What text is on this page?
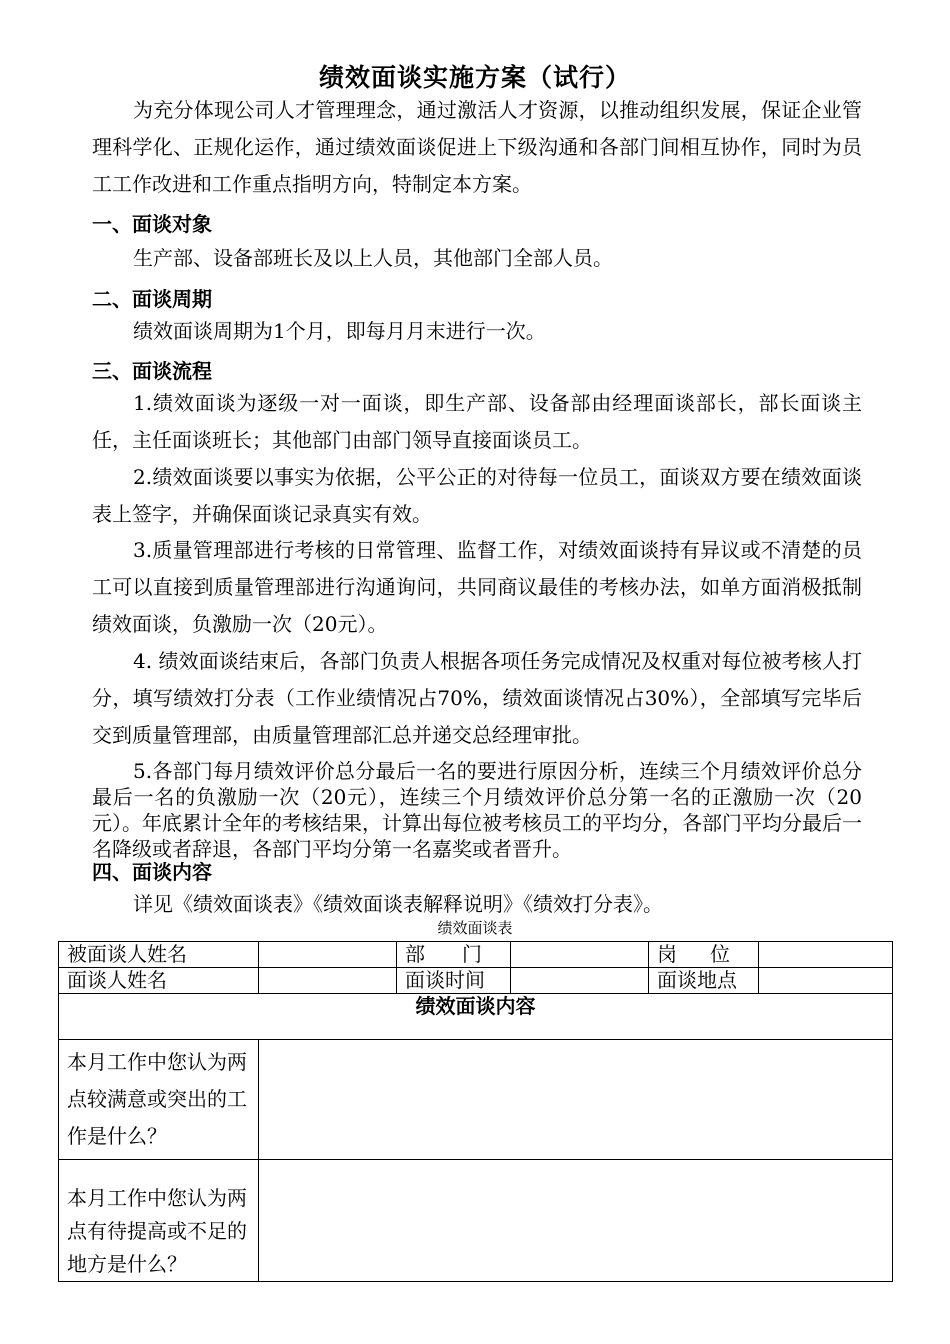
绩效面谈实施方案（试行）

为充分体现公司人才管理理念，通过激活人才资源，以推动组织发展，保证企业管理科学化、正规化运作，通过绩效面谈促进上下级沟通和各部门间相互协作，同时为员工工作改进和工作重点指明方向，特制定本方案。

一、面谈对象

生产部、设备部班长及以上人员，其他部门全部人员。

二、面谈周期

绩效面谈周期为1个月，即每月月末进行一次。

三、面谈流程

1.绩效面谈为逐级一对一面谈，即生产部、设备部由经理面谈部长，部长面谈主任，主任面谈班长；其他部门由部门领导直接面谈员工。

2.绩效面谈要以事实为依据，公平公正的对待每一位员工，面谈双方要在绩效面谈表上签字，并确保面谈记录真实有效。

3.质量管理部进行考核的日常管理、监督工作，对绩效面谈持有异议或不清楚的员工可以直接到质量管理部进行沟通询问，共同商议最佳的考核办法，如单方面消极抵制绩效面谈，负激励一次（20元）。

4. 绩效面谈结束后，各部门负责人根据各项任务完成情况及权重对每位被考核人打分，填写绩效打分表（工作业绩情况占70%，绩效面谈情况占30%），全部填写完毕后交到质量管理部，由质量管理部汇总并递交总经理审批。

5.各部门每月绩效评价总分最后一名的要进行原因分析，连续三个月绩效评价总分最后一名的负激励一次（20元），连续三个月绩效评价总分第一名的正激励一次（20元）。年底累计全年的考核结果，计算出每位被考核员工的平均分，各部门平均分最后一名降级或者辞退，各部门平均分第一名嘉奖或者晋升。

四、面谈内容

详见《绩效面谈表》《绩效面谈表解释说明》《绩效打分表》。

绩效面谈表
被面谈人姓名		部 门		岗 位	

面谈人姓名		面谈时间		面谈地点	
绩效面谈内容					
本月工作中您认为两点较满意或突出的工作是什么？					
本月工作中您认为两点有待提高或不足的地方是什么？					
